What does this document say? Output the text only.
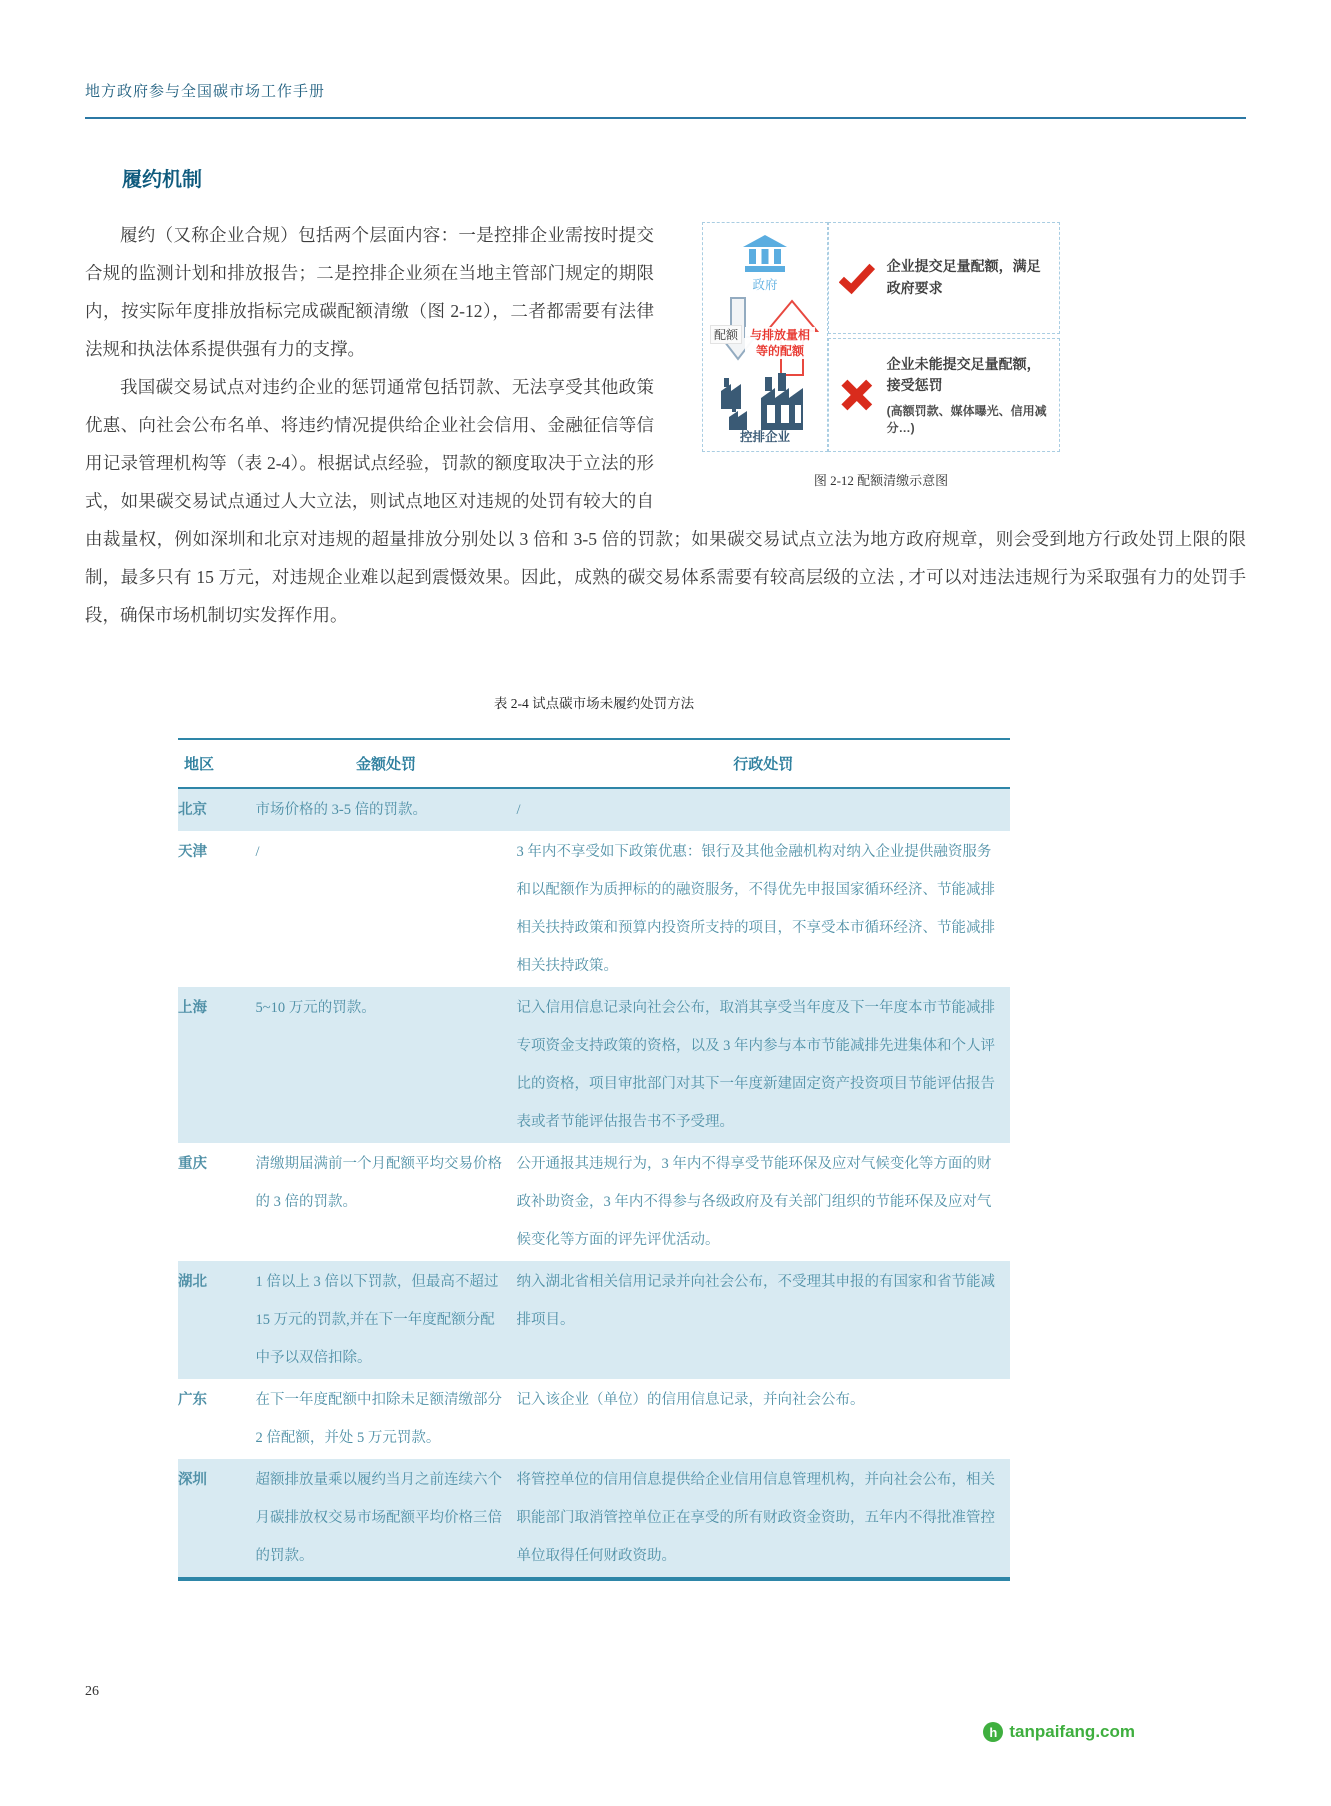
地方政府参与全国碳市场工作手册
履约机制
政府
配额 与排放量相等的配额
控排企业
企业提交足量配额，满足政府要求
企业未能提交足量配额，接受惩罚
(高额罚款、媒体曝光、信用减分…)
图 2-12 配额清缴示意图

履约（又称企业合规）包括两个层面内容：一是控排企业需按时提交合规的监测计划和排放报告；二是控排企业须在当地主管部门规定的期限内，按实际年度排放指标完成碳配额清缴（图 2-12），二者都需要有法律法规和执法体系提供强有力的支撑。

我国碳交易试点对违约企业的惩罚通常包括罚款、无法享受其他政策优惠、向社会公布名单、将违约情况提供给企业社会信用、金融征信等信用记录管理机构等（表 2-4）。根据试点经验，罚款的额度取决于立法的形式，如果碳交易试点通过人大立法，则试点地区对违规的处罚有较大的自由裁量权，例如深圳和北京对违规的超量排放分别处以 3 倍和 3-5 倍的罚款；如果碳交易试点立法为地方政府规章，则会受到地方行政处罚上限的限制，最多只有 15 万元，对违规企业难以起到震慑效果。因此，成熟的碳交易体系需要有较高层级的立法 , 才可以对违法违规行为采取强有力的处罚手段，确保市场机制切实发挥作用。

表 2-4 试点碳市场未履约处罚方法
地区	金额处罚	行政处罚
北京	市场价格的 3-5 倍的罚款。	/
天津	/	3 年内不享受如下政策优惠：银行及其他金融机构对纳入企业提供融资服务和以配额作为质押标的的融资服务，不得优先申报国家循环经济、节能减排相关扶持政策和预算内投资所支持的项目，不享受本市循环经济、节能减排相关扶持政策。
上海	5~10 万元的罚款。	记入信用信息记录向社会公布，取消其享受当年度及下一年度本市节能减排专项资金支持政策的资格，以及 3 年内参与本市节能减排先进集体和个人评比的资格，项目审批部门对其下一年度新建固定资产投资项目节能评估报告表或者节能评估报告书不予受理。
重庆	清缴期届满前一个月配额平均交易价格的 3 倍的罚款。	公开通报其违规行为，3 年内不得享受节能环保及应对气候变化等方面的财政补助资金，3 年内不得参与各级政府及有关部门组织的节能环保及应对气候变化等方面的评先评优活动。
湖北	1 倍以上 3 倍以下罚款，但最高不超过 15 万元的罚款,并在下一年度配额分配中予以双倍扣除。	纳入湖北省相关信用记录并向社会公布，不受理其申报的有国家和省节能减排项目。
广东	在下一年度配额中扣除未足额清缴部分 2 倍配额，并处 5 万元罚款。	记入该企业（单位）的信用信息记录，并向社会公布。
深圳	超额排放量乘以履约当月之前连续六个月碳排放权交易市场配额平均价格三倍的罚款。	将管控单位的信用信息提供给企业信用信息管理机构，并向社会公布，相关职能部门取消管控单位正在享受的所有财政资金资助，五年内不得批准管控单位取得任何财政资助。
26
h tanpaifang.com
